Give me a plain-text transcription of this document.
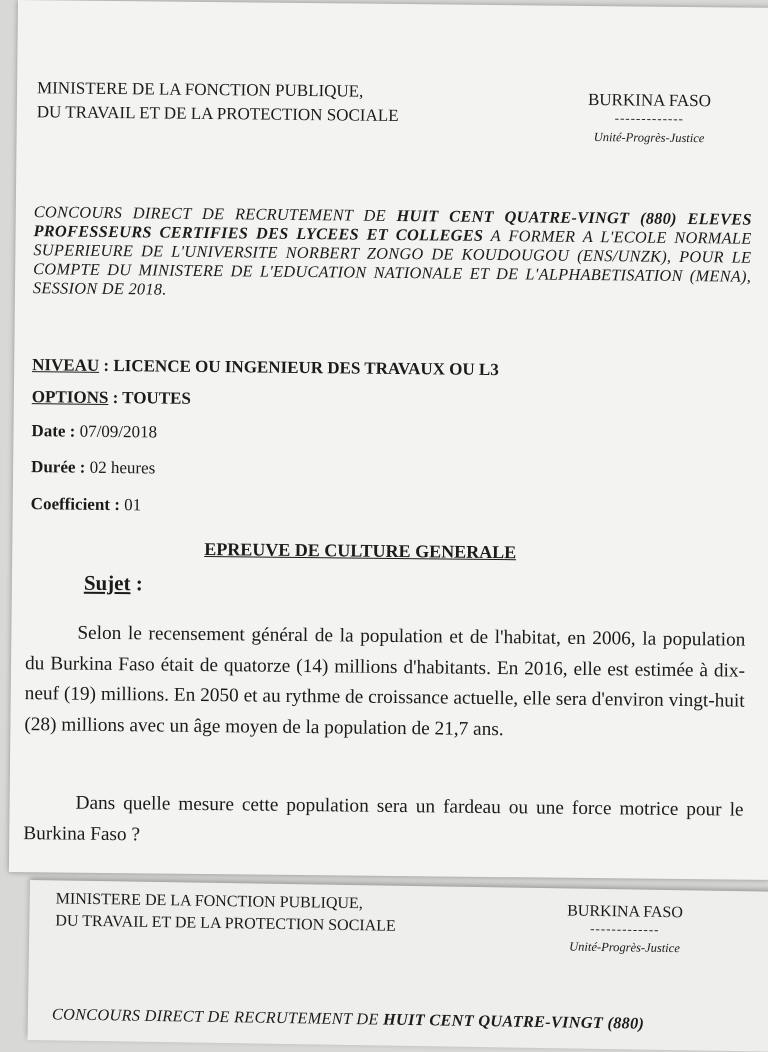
MINISTERE DE LA FONCTION PUBLIQUE,
DU TRAVAIL ET DE LA PROTECTION SOCIALE
BURKINA FASO
-------------
Unité-Progrès-Justice
CONCOURS DIRECT DE RECRUTEMENT DE HUIT CENT QUATRE-VINGT (880) ELEVES PROFESSEURS CERTIFIES DES LYCEES ET COLLEGES A FORMER A L'ECOLE NORMALE SUPERIEURE DE L'UNIVERSITE NORBERT ZONGO DE KOUDOUGOU (ENS/UNZK), POUR LE COMPTE DU MINISTERE DE L'EDUCATION NATIONALE ET DE L'ALPHABETISATION (MENA), SESSION DE 2018.
NIVEAU : LICENCE OU INGENIEUR DES TRAVAUX OU L3
OPTIONS : TOUTES
Date : 07/09/2018
Durée : 02 heures
Coefficient : 01
EPREUVE DE CULTURE GENERALE
Sujet :
Selon le recensement général de la population et de l'habitat, en 2006, la population du Burkina Faso était de quatorze (14) millions d'habitants. En 2016, elle est estimée à dix-neuf (19) millions. En 2050 et au rythme de croissance actuelle, elle sera d'environ vingt-huit (28) millions avec un âge moyen de la population de 21,7 ans.
Dans quelle mesure cette population sera un fardeau ou une force motrice pour le Burkina Faso ?
MINISTERE DE LA FONCTION PUBLIQUE,
DU TRAVAIL ET DE LA PROTECTION SOCIALE
BURKINA FASO
-------------
Unité-Progrès-Justice
CONCOURS DIRECT DE RECRUTEMENT DE HUIT CENT QUATRE-VINGT (880)
